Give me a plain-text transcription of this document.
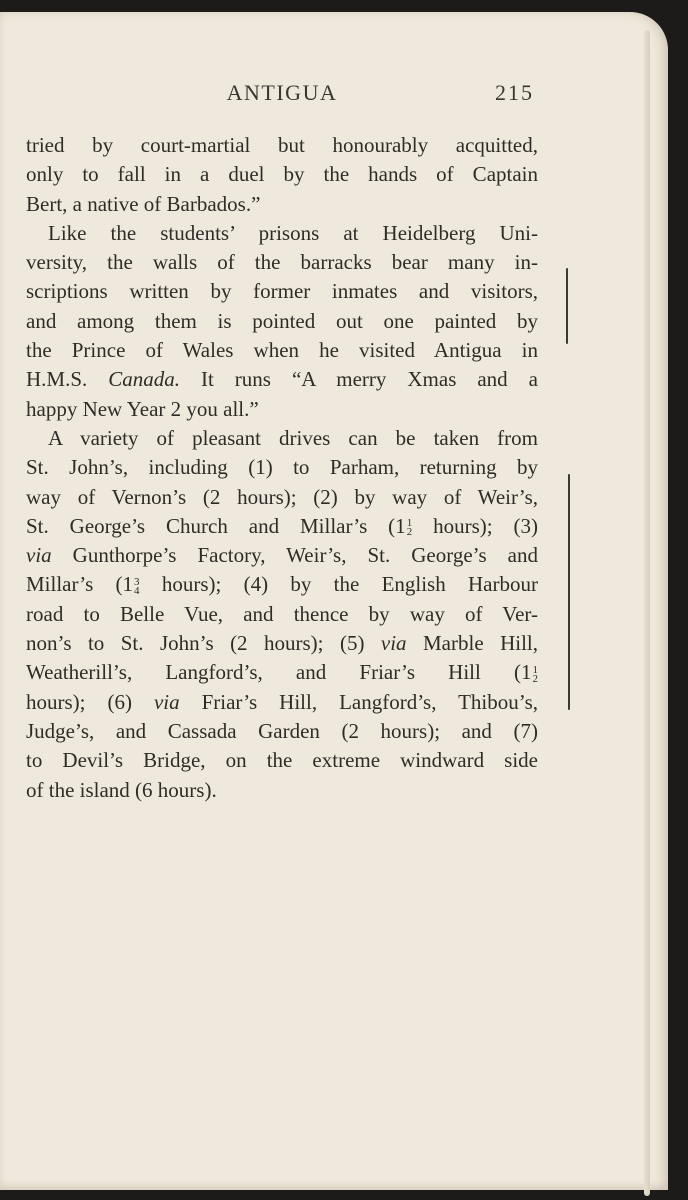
ANTIGUA	215
tried by court-martial but honourably acquitted,
only to fall in a duel by the hands of Captain
Bert, a native of Barbados.”
Like the students’ prisons at Heidelberg Uni-
versity, the walls of the barracks bear many in-
scriptions written by former inmates and visitors,
and among them is pointed out one painted by
the Prince of Wales when he visited Antigua in
H.M.S. Canada. It runs “A merry Xmas and a
happy New Year 2 you all.”
A variety of pleasant drives can be taken from
St. John’s, including (1) to Parham, returning by
way of Vernon’s (2 hours); (2) by way of Weir’s,
St. George’s Church and Millar’s (1 1
2 hours); (3)
via Gunthorpe’s Factory, Weir’s, St. George’s and
Millar’s (1 3
4 hours); (4) by the English Harbour
road to Belle Vue, and thence by way of Ver-
non’s to St. John’s (2 hours); (5) via Marble Hill,
Weatherill’s, Langford’s, and Friar’s Hill (1 1
2
hours); (6) via Friar’s Hill, Langford’s, Thibou’s,
Judge’s, and Cassada Garden (2 hours); and (7)
to Devil’s Bridge, on the extreme windward side
of the island (6 hours).
